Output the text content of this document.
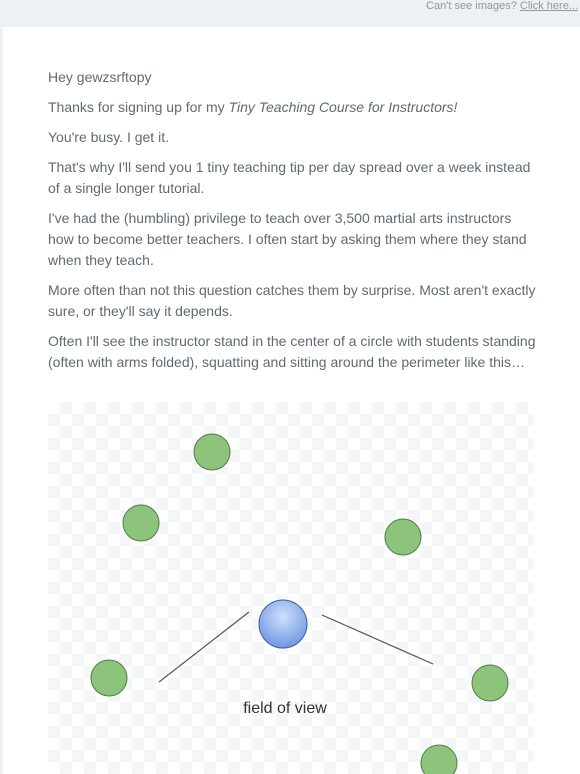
Can't see images? Click here...

Hey gewzsrftopy

Thanks for signing up for my Tiny Teaching Course for Instructors!

You're busy. I get it.

That's why I'll send you 1 tiny teaching tip per day spread over a week instead of a single longer tutorial.

I've had the (humbling) privilege to teach over 3,500 martial arts instructors how to become better teachers. I often start by asking them where they stand when they teach.

More often than not this question catches them by surprise. Most aren't exactly sure, or they'll say it depends.

Often I'll see the instructor stand in the center of a circle with students standing (often with arms folded), squatting and sitting around the perimeter like this…

field of view
